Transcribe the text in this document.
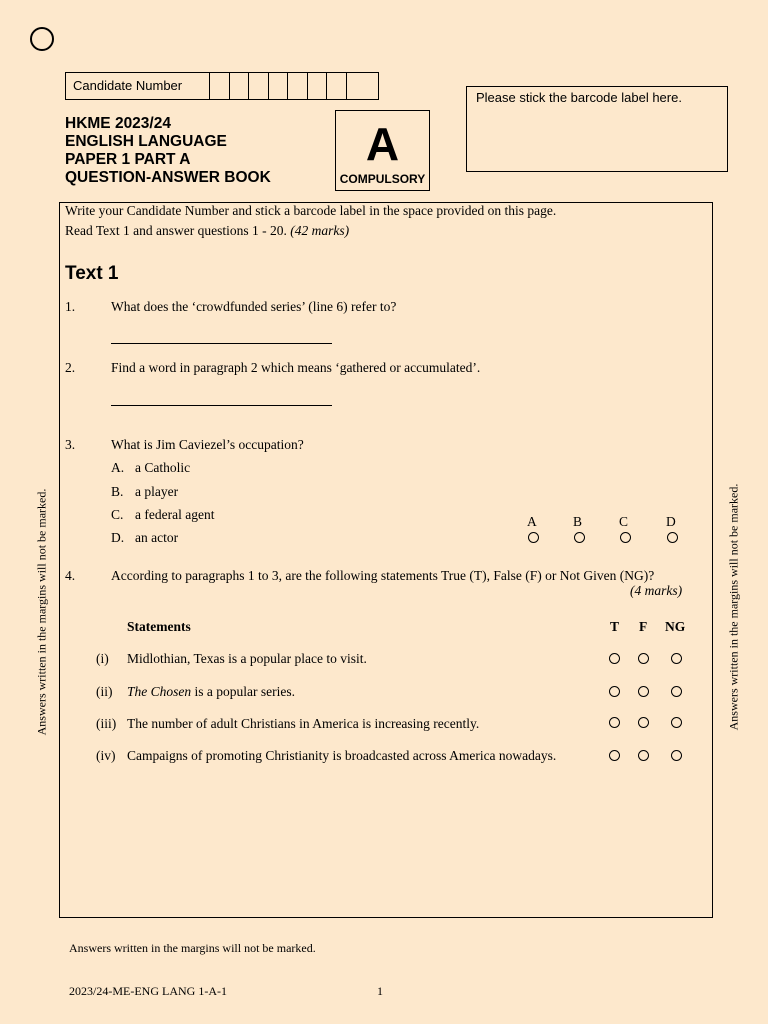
Candidate Number
Please stick the barcode label here.
HKME 2023/24
ENGLISH LANGUAGE
PAPER 1 PART A
QUESTION-ANSWER BOOK
A
COMPULSORY
Write your Candidate Number and stick a barcode label in the space provided on this page.
Read Text 1 and answer questions 1 - 20. (42 marks)
Text 1
1.	What does the ‘crowdfunded series’ (line 6) refer to?
2.	Find a word in paragraph 2 which means ‘gathered or accumulated’.
3.	What is Jim Caviezel’s occupation?
A. a Catholic
B. a player
C. a federal agent
D. an actor
A	B	C	D
4.	According to paragraphs 1 to 3, are the following statements True (T), False (F) or Not Given (NG)?
(4 marks)
Statements	T F NG
(i) Midlothian, Texas is a popular place to visit.
(ii) The Chosen is a popular series.
(iii) The number of adult Christians in America is increasing recently.
(iv) Campaigns of promoting Christianity is broadcasted across America nowadays.
Answers written in the margins will not be marked.	Answers written in the margins will not be marked.
Answers written in the margins will not be marked.
2023/24-ME-ENG LANG 1-A-1	1
